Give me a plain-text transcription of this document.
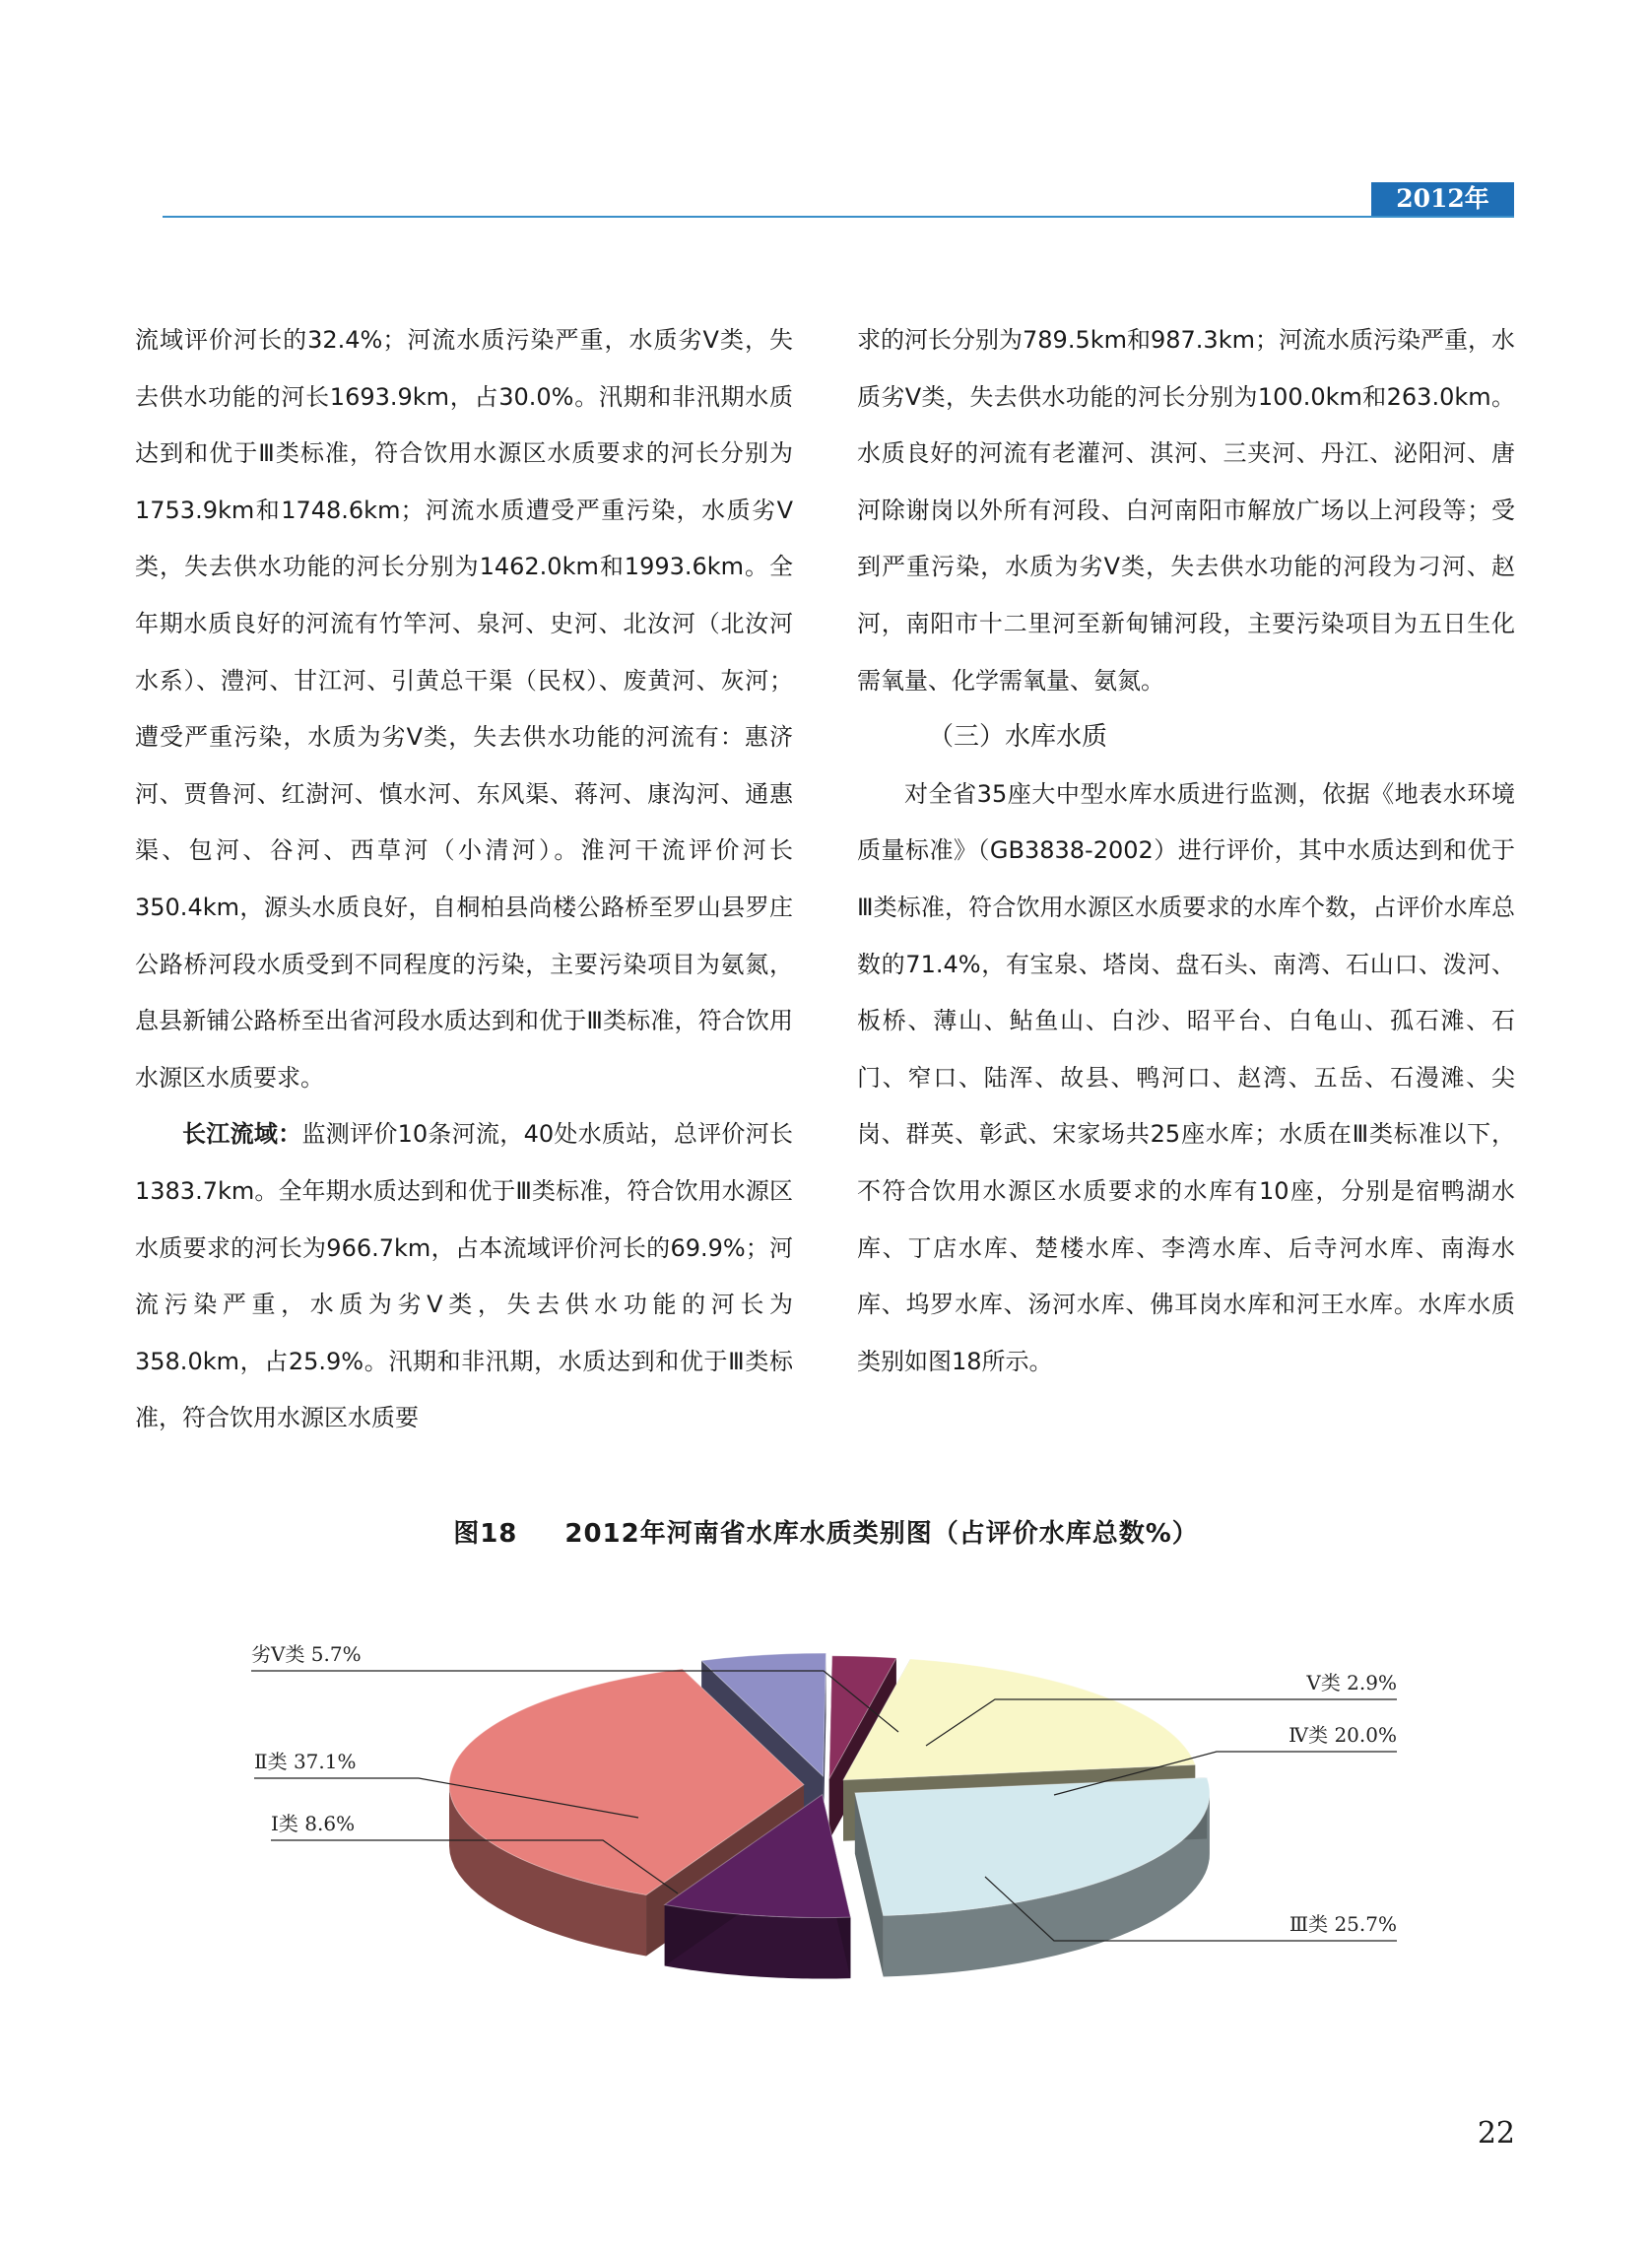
2012年

流域评价河长的32.4%；河流水质污染严重，水质劣V类，失去供水功能的河长1693.9km，占30.0%。汛期和非汛期水质达到和优于Ⅲ类标准，符合饮用水源区水质要求的河长分别为1753.9km和1748.6km；河流水质遭受严重污染，水质劣V类，失去供水功能的河长分别为1462.0km和1993.6km。全年期水质良好的河流有竹竿河、泉河、史河、北汝河（北汝河水系）、澧河、甘江河、引黄总干渠（民权）、废黄河、灰河；遭受严重污染，水质为劣V类，失去供水功能的河流有：惠济河、贾鲁河、红澍河、慎水河、东风渠、蒋河、康沟河、通惠渠、包河、谷河、西草河（小清河）。淮河干流评价河长350.4km，源头水质良好，自桐柏县尚楼公路桥至罗山县罗庄公路桥河段水质受到不同程度的污染，主要污染项目为氨氮，息县新铺公路桥至出省河段水质达到和优于Ⅲ类标准，符合饮用水源区水质要求。

长江流域：监测评价10条河流，40处水质站，总评价河长1383.7km。全年期水质达到和优于Ⅲ类标准，符合饮用水源区水质要求的河长为966.7km，占本流域评价河长的69.9%；河流污染严重，水质为劣V类，失去供水功能的河长为358.0km，占25.9%。汛期和非汛期，水质达到和优于Ⅲ类标准，符合饮用水源区水质要

求的河长分别为789.5km和987.3km；河流水质污染严重，水质劣V类，失去供水功能的河长分别为100.0km和263.0km。水质良好的河流有老灌河、淇河、三夹河、丹江、泌阳河、唐河除谢岗以外所有河段、白河南阳市解放广场以上河段等；受到严重污染，水质为劣V类，失去供水功能的河段为刁河、赵河，南阳市十二里河至新甸铺河段，主要污染项目为五日生化需氧量、化学需氧量、氨氮。

（三）水库水质

对全省35座大中型水库水质进行监测，依据《地表水环境质量标准》（GB3838-2002）进行评价，其中水质达到和优于Ⅲ类标准，符合饮用水源区水质要求的水库个数，占评价水库总数的71.4%，有宝泉、塔岗、盘石头、南湾、石山口、泼河、板桥、薄山、鲇鱼山、白沙、昭平台、白龟山、孤石滩、石门、窄口、陆浑、故县、鸭河口、赵湾、五岳、石漫滩、尖岗、群英、彰武、宋家场共25座水库；水质在Ⅲ类标准以下，不符合饮用水源区水质要求的水库有10座，分别是宿鸭湖水库、丁店水库、楚楼水库、李湾水库、后寺河水库、南海水库、坞罗水库、汤河水库、佛耳岗水库和河王水库。水库水质类别如图18所示。

图18 2012年河南省水库水质类别图（占评价水库总数%）
劣V类 5.7%
V类 2.9%
Ⅳ类 20.0%
Ⅲ类 25.7%
Ⅰ类 8.6%
Ⅱ类 37.1%
22
